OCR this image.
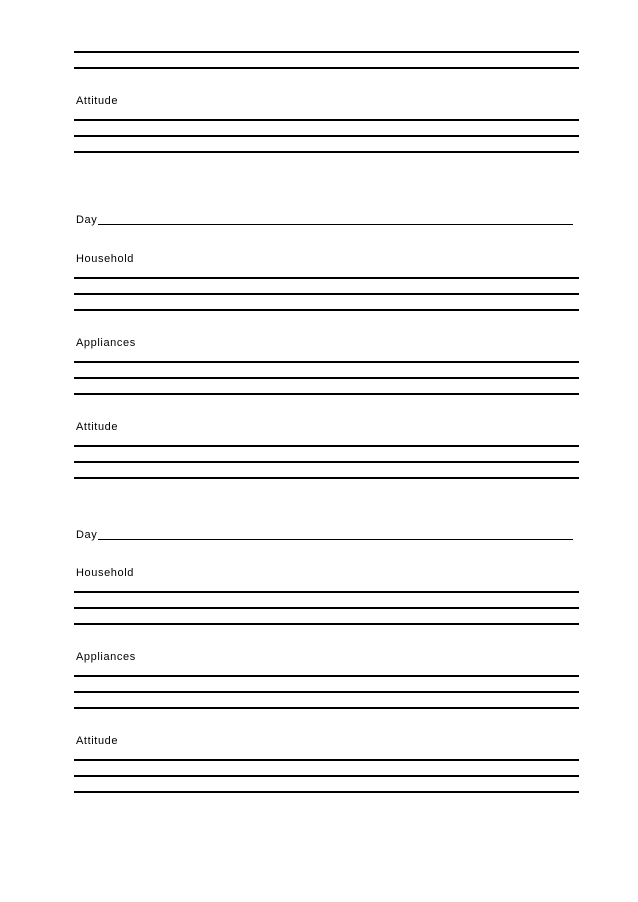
Attitude
Day
Household
Appliances
Attitude
Day
Household
Appliances
Attitude
